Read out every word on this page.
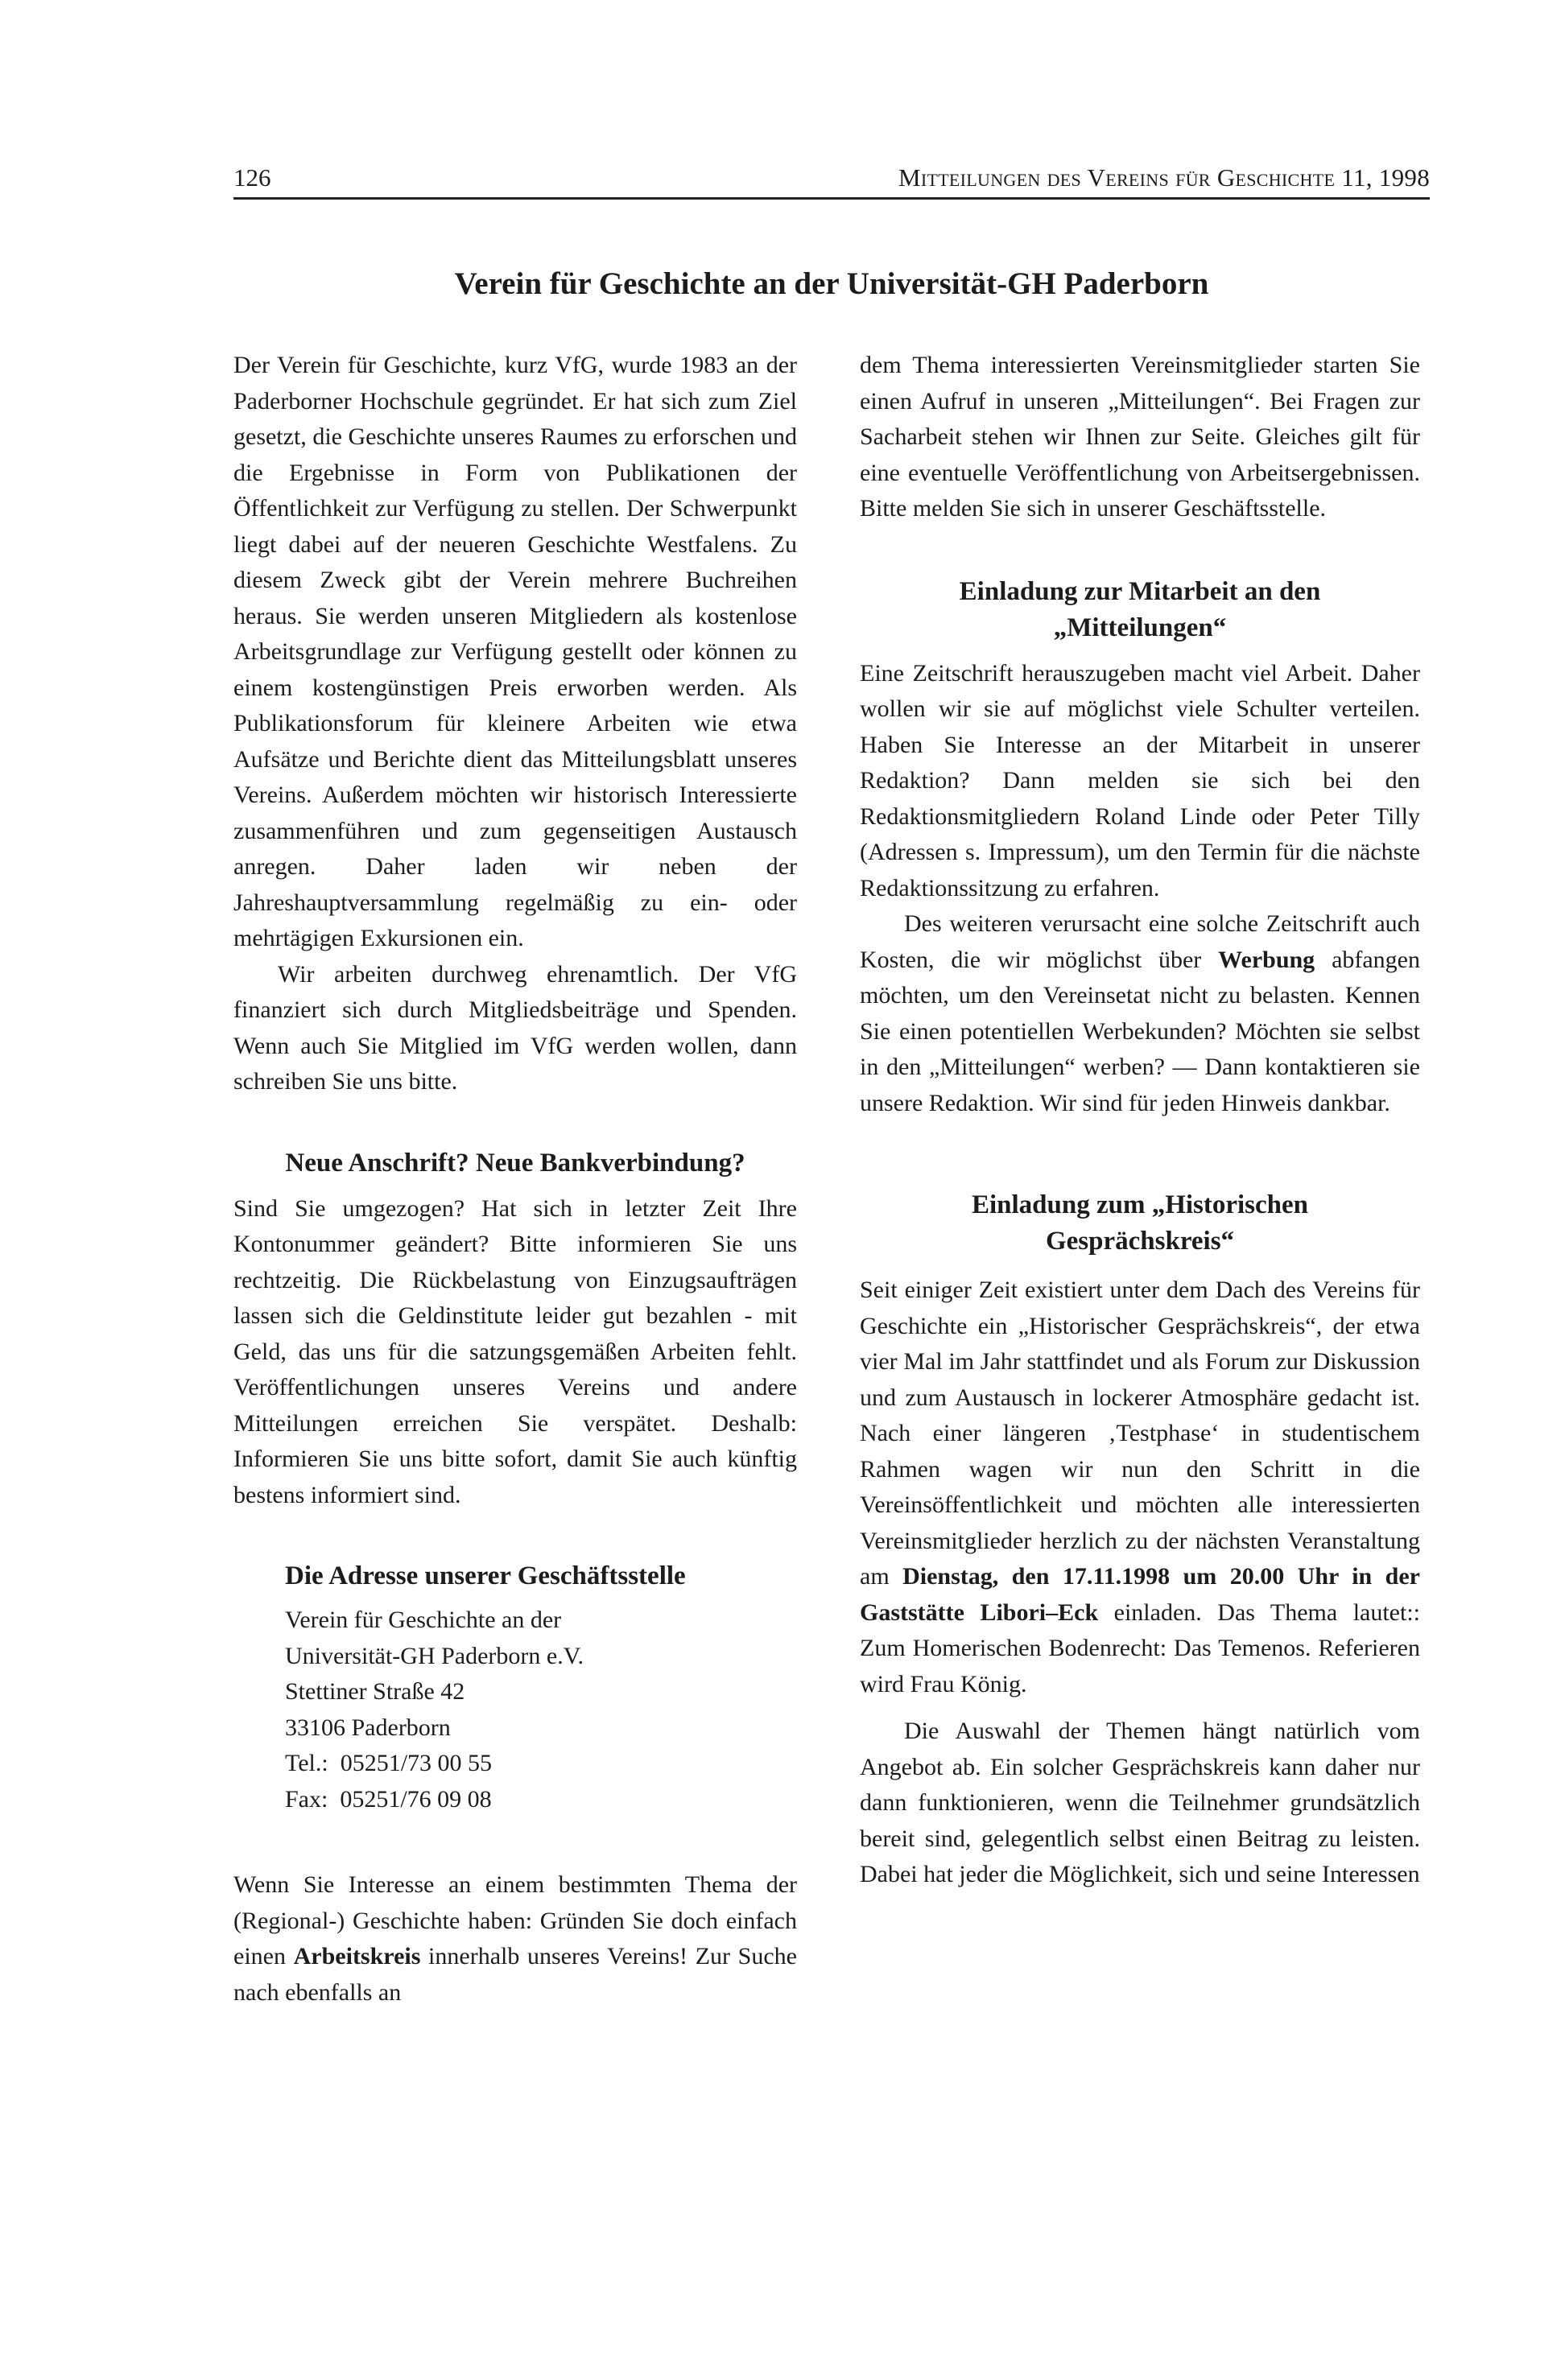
126	Mitteilungen des Vereins für Geschichte 11, 1998
Verein für Geschichte an der Universität-GH Paderborn

Der Verein für Geschichte, kurz VfG, wurde 1983 an der Paderborner Hochschule gegründet. Er hat sich zum Ziel gesetzt, die Geschichte unseres Raumes zu erforschen und die Ergebnisse in Form von Publikationen der Öffentlichkeit zur Verfügung zu stellen. Der Schwerpunkt liegt dabei auf der neueren Geschichte Westfalens. Zu diesem Zweck gibt der Verein mehrere Buchreihen heraus. Sie werden unseren Mitgliedern als kostenlose Arbeitsgrundlage zur Verfügung gestellt oder können zu einem kostengünstigen Preis erworben werden. Als Publikationsforum für kleinere Arbeiten wie etwa Aufsätze und Berichte dient das Mitteilungsblatt unseres Vereins. Außerdem möchten wir historisch Interessierte zusammenführen und zum gegenseitigen Austausch anregen. Daher laden wir neben der Jahreshauptversammlung regelmäßig zu ein- oder mehrtägigen Exkursionen ein.

Wir arbeiten durchweg ehrenamtlich. Der VfG finanziert sich durch Mitgliedsbeiträge und Spenden. Wenn auch Sie Mitglied im VfG werden wollen, dann schreiben Sie uns bitte.

Neue Anschrift? Neue Bankverbindung?

Sind Sie umgezogen? Hat sich in letzter Zeit Ihre Kontonummer geändert? Bitte informieren Sie uns rechtzeitig. Die Rückbelastung von Einzugsaufträgen lassen sich die Geldinstitute leider gut bezahlen - mit Geld, das uns für die satzungsgemäßen Arbeiten fehlt. Veröffentlichungen unseres Vereins und andere Mitteilungen erreichen Sie verspätet. Deshalb: Informieren Sie uns bitte sofort, damit Sie auch künftig bestens informiert sind.

Die Adresse unserer Geschäftsstelle
Verein für Geschichte an der
Universität-GH Paderborn e.V.
Stettiner Straße 42
33106 Paderborn
Tel.:  05251/73 00 55
Fax:  05251/76 09 08

Wenn Sie Interesse an einem bestimmten Thema der (Regional-) Geschichte haben: Gründen Sie doch einfach einen Arbeitskreis innerhalb unseres Vereins! Zur Suche nach ebenfalls an

dem Thema interessierten Vereinsmitglieder starten Sie einen Aufruf in unseren „Mitteilungen“. Bei Fragen zur Sacharbeit stehen wir Ihnen zur Seite. Gleiches gilt für eine eventuelle Veröffentlichung von Arbeitsergebnissen. Bitte melden Sie sich in unserer Geschäftsstelle.

Einladung zur Mitarbeit an den
„Mitteilungen“

Eine Zeitschrift herauszugeben macht viel Arbeit. Daher wollen wir sie auf möglichst viele Schulter verteilen. Haben Sie Interesse an der Mitarbeit in unserer Redaktion? Dann melden sie sich bei den Redaktionsmitgliedern Roland Linde oder Peter Tilly (Adressen s. Impressum), um den Termin für die nächste Redaktionssitzung zu erfahren.

Des weiteren verursacht eine solche Zeitschrift auch Kosten, die wir möglichst über Werbung abfangen möchten, um den Vereinsetat nicht zu belasten. Kennen Sie einen potentiellen Werbekunden? Möchten sie selbst in den „Mitteilungen“ werben? — Dann kontaktieren sie unsere Redaktion. Wir sind für jeden Hinweis dankbar.

Einladung zum „Historischen
Gesprächskreis“

Seit einiger Zeit existiert unter dem Dach des Vereins für Geschichte ein „Historischer Gesprächskreis“, der etwa vier Mal im Jahr stattfindet und als Forum zur Diskussion und zum Austausch in lockerer Atmosphäre gedacht ist. Nach einer längeren ‚Testphase‘ in studentischem Rahmen wagen wir nun den Schritt in die Vereinsöffentlichkeit und möchten alle interessierten Vereinsmitglieder herzlich zu der nächsten Veranstaltung am Dienstag, den 17.11.1998 um 20.00 Uhr in der Gaststätte Libori–Eck einladen. Das Thema lautet:: Zum Homerischen Bodenrecht: Das Temenos. Referieren wird Frau König.

Die Auswahl der Themen hängt natürlich vom Angebot ab. Ein solcher Gesprächskreis kann daher nur dann funktionieren, wenn die Teilnehmer grundsätzlich bereit sind, gelegentlich selbst einen Beitrag zu leisten. Dabei hat jeder die Möglichkeit, sich und seine Interessen
